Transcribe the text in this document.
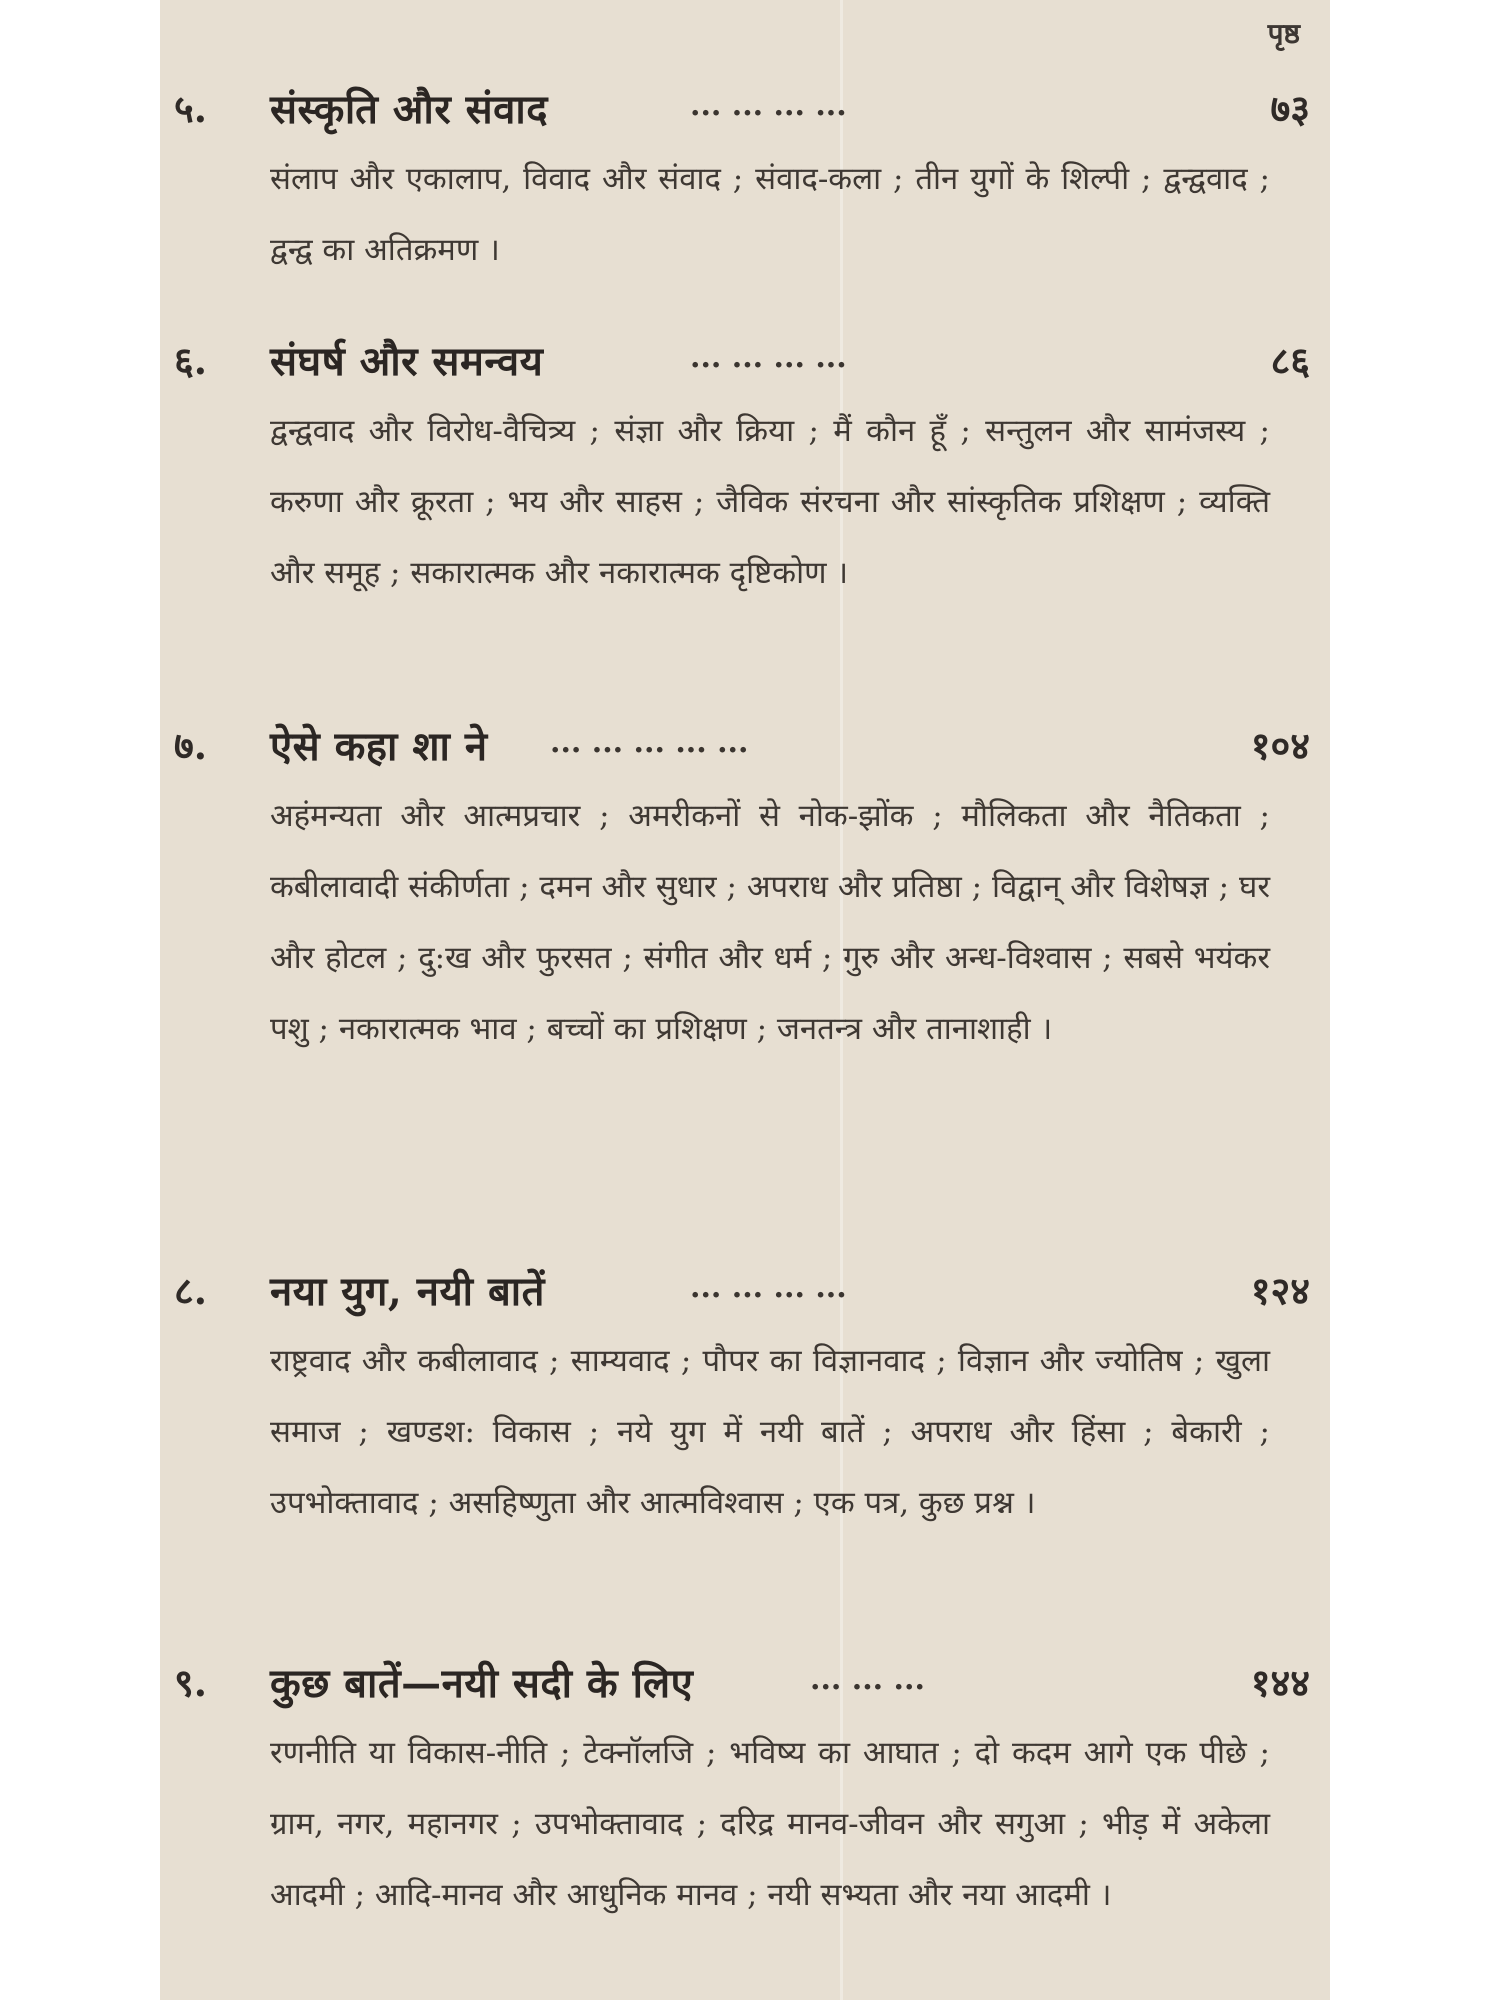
पृष्ठ
५. संस्कृति और संवाद	... ... ... ...	७३
संलाप और एकालाप, विवाद और संवाद ; संवाद-कला ; तीन युगों के शिल्पी ; द्वन्द्ववाद ; द्वन्द्व का अतिक्रमण ।
६. संघर्ष और समन्वय	... ... ... ...	८६
द्वन्द्ववाद और विरोध-वैचित्र्य ; संज्ञा और क्रिया ; मैं कौन हूँ ; सन्तुलन और सामंजस्य ; करुणा और क्रूरता ; भय और साहस ; जैविक संरचना और सांस्कृतिक प्रशिक्षण ; व्यक्ति और समूह ; सकारात्मक और नकारात्मक दृष्टिकोण ।
७. ऐसे कहा शा ने ... ... ... ... ...	१०४
अहंमन्यता और आत्मप्रचार ; अमरीकनों से नोक-झोंक ; मौलिकता और नैतिकता ; कबीलावादी संकीर्णता ; दमन और सुधार ; अपराध और प्रतिष्ठा ; विद्वान् और विशेषज्ञ ; घर और होटल ; दु:ख और फुरसत ; संगीत और धर्म ; गुरु और अन्ध-विश्वास ; सबसे भयंकर पशु ; नकारात्मक भाव ; बच्चों का प्रशिक्षण ; जनतन्त्र और तानाशाही ।
८. नया युग, नयी बातें	... ... ... ...	१२४
राष्ट्रवाद और कबीलावाद ; साम्यवाद ; पौपर का विज्ञानवाद ; विज्ञान और ज्योतिष ; खुला समाज ; खण्डश: विकास ; नये युग में नयी बातें ; अपराध और हिंसा ; बेकारी ; उपभोक्तावाद ; असहिष्णुता और आत्मविश्वास ; एक पत्र, कुछ प्रश्न ।
९. कुछ बातें—नयी सदी के लिए	... ... ...	१४४
रणनीति या विकास-नीति ; टेक्नॉलजि ; भविष्य का आघात ; दो कदम आगे एक पीछे ; ग्राम, नगर, महानगर ; उपभोक्तावाद ; दरिद्र मानव-जीवन और सगुआ ; भीड़ में अकेला आदमी ; आदि-मानव और आधुनिक मानव ; नयी सभ्यता और नया आदमी ।
